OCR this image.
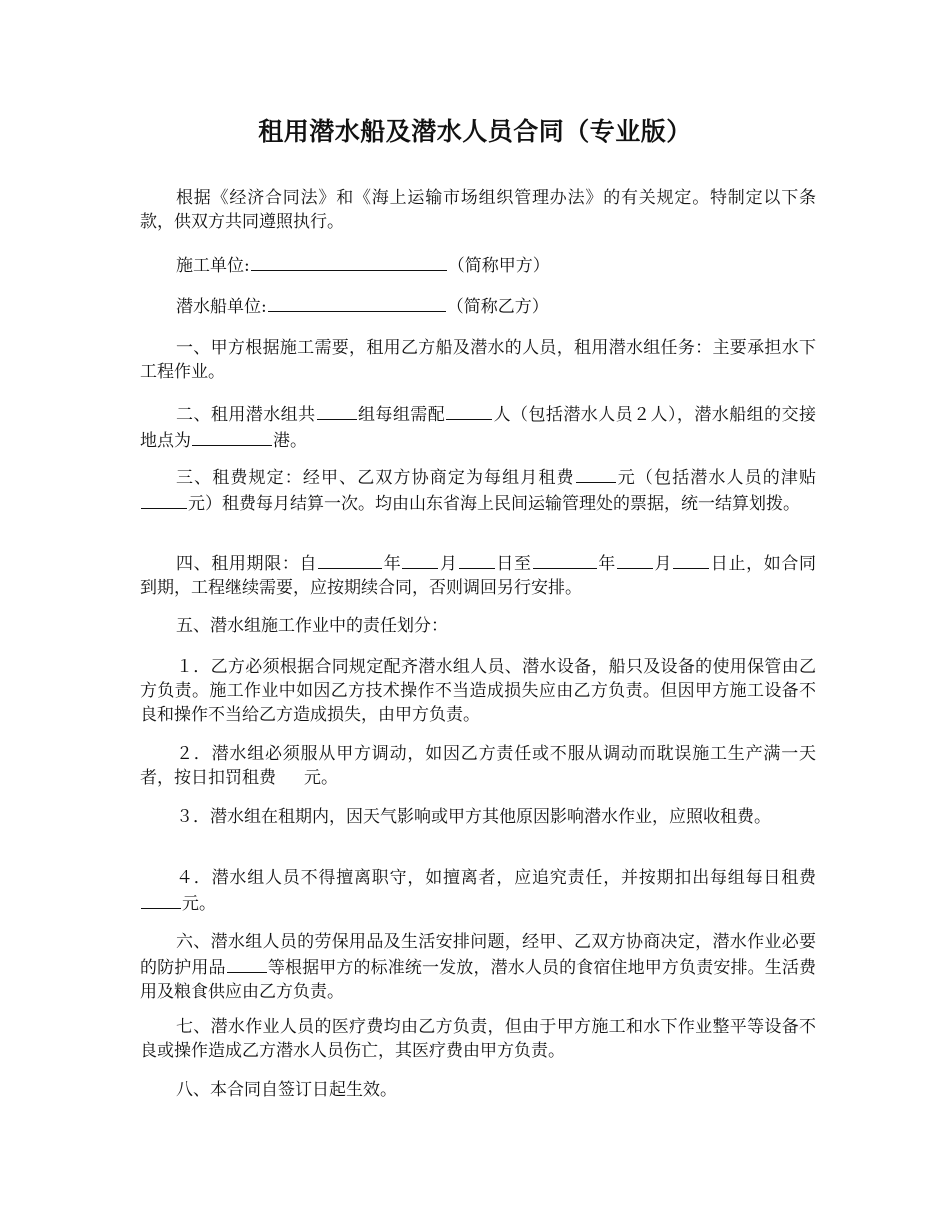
租用潜水船及潜水人员合同（专业版）

根据《经济合同法》和《海上运输市场组织管理办法》的有关规定。特制定以下条款，供双方共同遵照执行。

施工单位:	（简称甲方）

潜水船单位:	（简称乙方）

一、甲方根据施工需要，租用乙方船及潜水的人员，租用潜水组任务：主要承担水下工程作业。

二、租用潜水组共 组每组需配	人（包括潜水人员２人），潜水船组的交接地点为	港。

三、租费规定：经甲、乙双方协商定为每组月租费 元（包括潜水人员的津贴元）租费每月结算一次。均由山东省海上民间运输管理处的票据，统一结算划拨。

四、租用期限：自	年 月 日至	年 月 日止，如合同到期，工程继续需要，应按期续合同，否则调回另行安排。

五、潜水组施工作业中的责任划分：

１．乙方必须根据合同规定配齐潜水组人员、潜水设备，船只及设备的使用保管由乙方负责。施工作业中如因乙方技术操作不当造成损失应由乙方负责。但因甲方施工设备不良和操作不当给乙方造成损失，由甲方负责。

２．潜水组必须服从甲方调动，如因乙方责任或不服从调动而耽误施工生产满一天者，按日扣罚租费 元。

３．潜水组在租期内，因天气影响或甲方其他原因影响潜水作业，应照收租费。

４．潜水组人员不得擅离职守，如擅离者，应追究责任，并按期扣出每组每日租费元。

六、潜水组人员的劳保用品及生活安排问题，经甲、乙双方协商决定，潜水作业必要的防护用品 等根据甲方的标准统一发放，潜水人员的食宿住地甲方负责安排。生活费用及粮食供应由乙方负责。

七、潜水作业人员的医疗费均由乙方负责，但由于甲方施工和水下作业整平等设备不良或操作造成乙方潜水人员伤亡，其医疗费由甲方负责。

八、本合同自签订日起生效。
